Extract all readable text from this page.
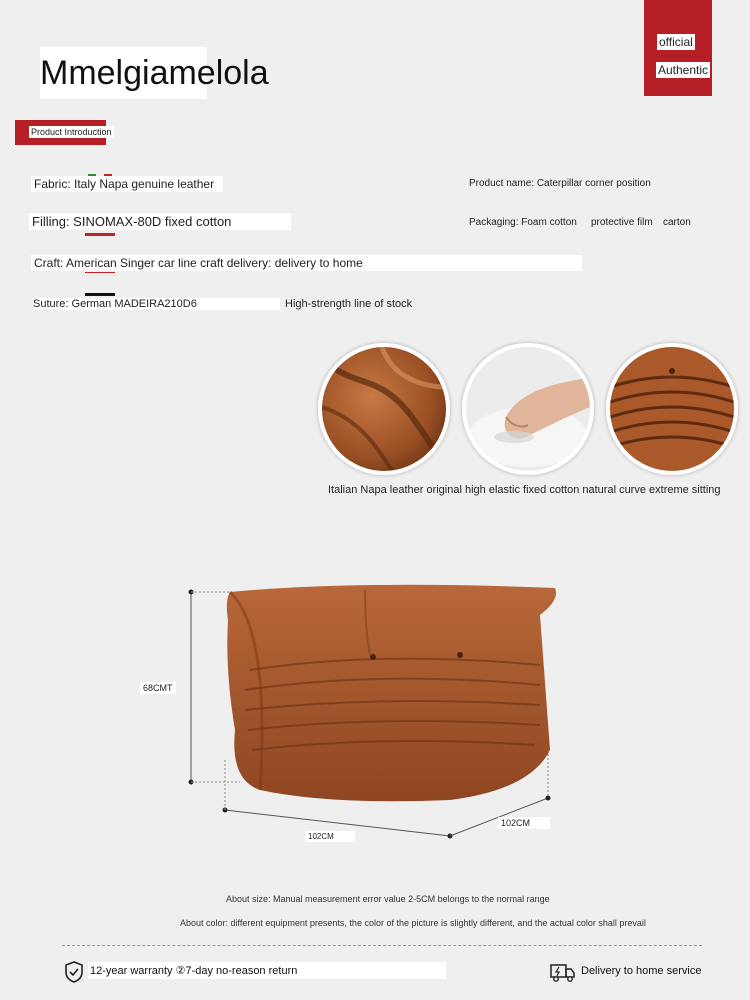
Mmelgiamelola
official
Authentic
Product Introduction
Fabric: Italy Napa genuine leather
Filling: SINOMAX-80D fixed cotton
Craft: American Singer car line craft delivery: delivery to home
Suture: German MADEIRA210D6	High-strength line of stock
Product name: Caterpillar corner position
Packaging: Foam cotton protective film carton
Italian Napa leather original high elastic fixed cotton natural curve extreme sitting
68CMT
102CM
102CM
About size: Manual measurement error value 2-5CM belongs to the normal range
About color: different equipment presents, the color of the picture is slightly different, and the actual color shall prevail
12-year warranty ②7-day no-reason return	Delivery to home service
